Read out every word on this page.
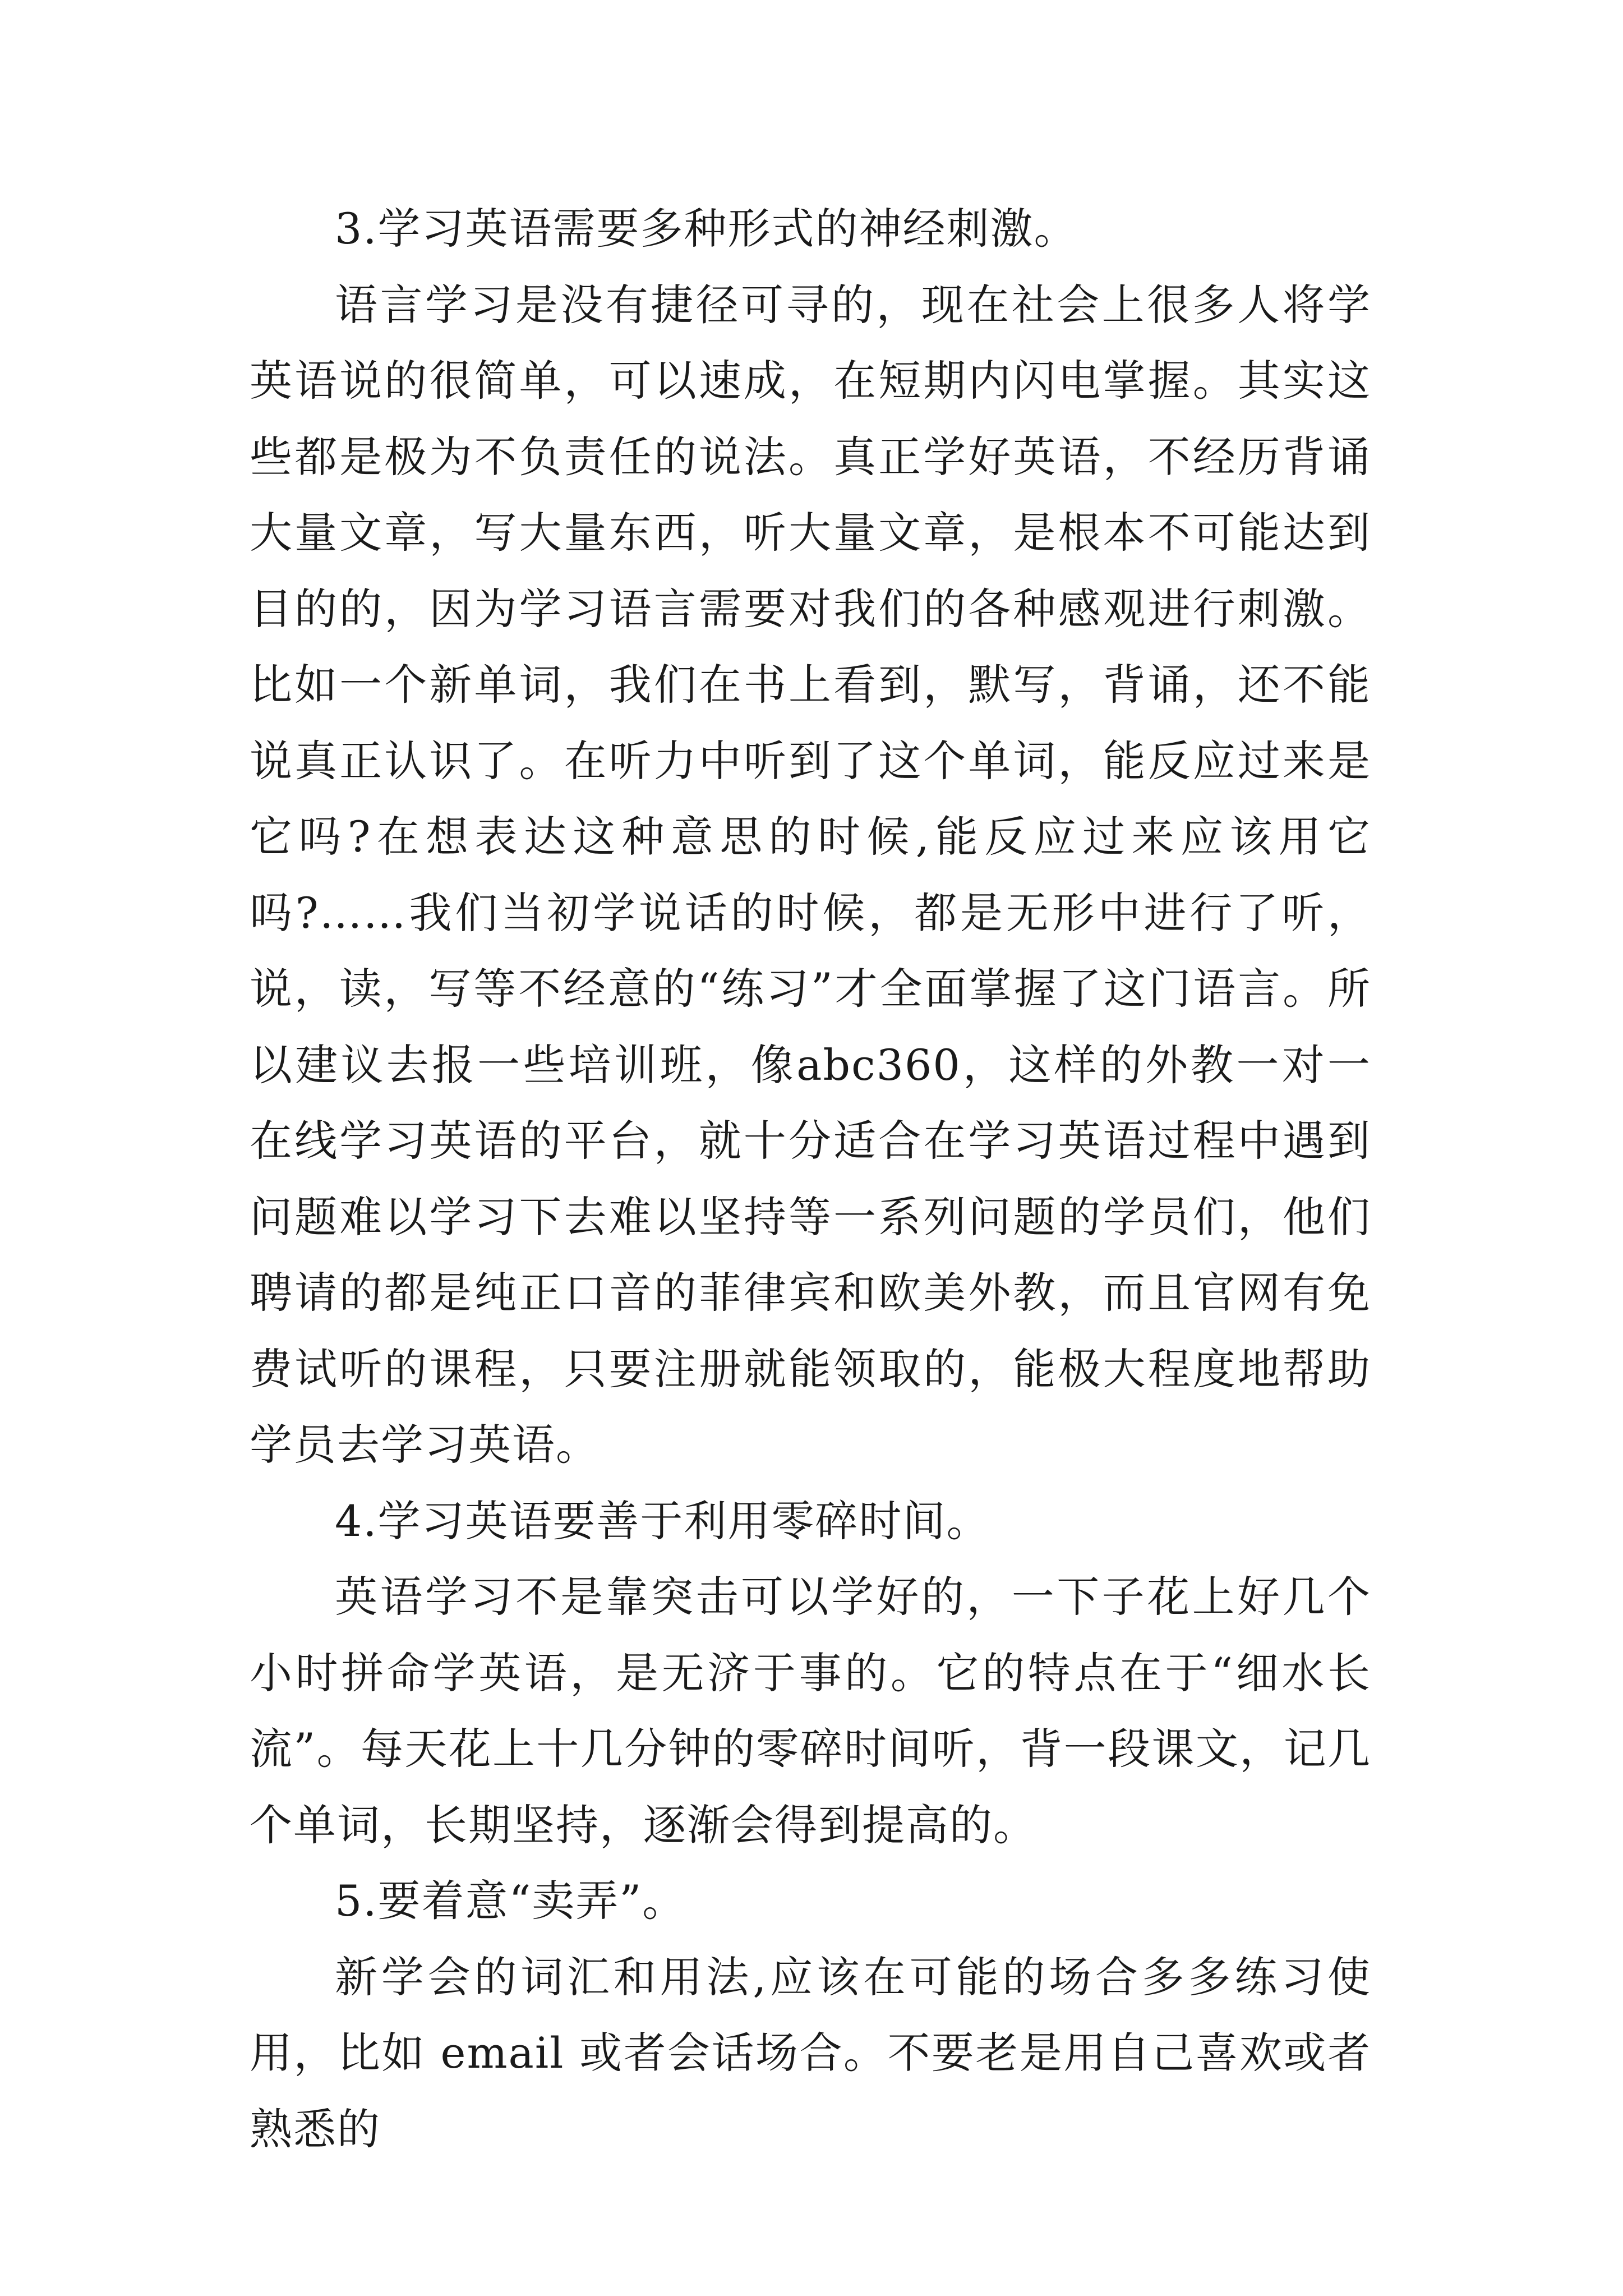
3.学习英语需要多种形式的神经刺激。

语言学习是没有捷径可寻的，现在社会上很多人将学英语说的很简单，可以速成，在短期内闪电掌握。其实这些都是极为不负责任的说法。真正学好英语，不经历背诵大量文章，写大量东西，听大量文章，是根本不可能达到目的的，因为学习语言需要对我们的各种感观进行刺激。比如一个新单词，我们在书上看到，默写，背诵，还不能说真正认识了。在听力中听到了这个单词，能反应过来是它吗?在想表达这种意思的时候,能反应过来应该用它吗?……我们当初学说话的时候，都是无形中进行了听，说，读，写等不经意的“练习”才全面掌握了这门语言。所以建议去报一些培训班，像abc360，这样的外教一对一在线学习英语的平台，就十分适合在学习英语过程中遇到问题难以学习下去难以坚持等一系列问题的学员们，他们聘请的都是纯正口音的菲律宾和欧美外教，而且官网有免费试听的课程，只要注册就能领取的，能极大程度地帮助学员去学习英语。

4.学习英语要善于利用零碎时间。

英语学习不是靠突击可以学好的，一下子花上好几个小时拼命学英语，是无济于事的。它的特点在于“细水长流”。每天花上十几分钟的零碎时间听，背一段课文，记几个单词，长期坚持，逐渐会得到提高的。

5.要着意“卖弄”。

新学会的词汇和用法,应该在可能的场合多多练习使用，比如 email 或者会话场合。不要老是用自己喜欢或者熟悉的
